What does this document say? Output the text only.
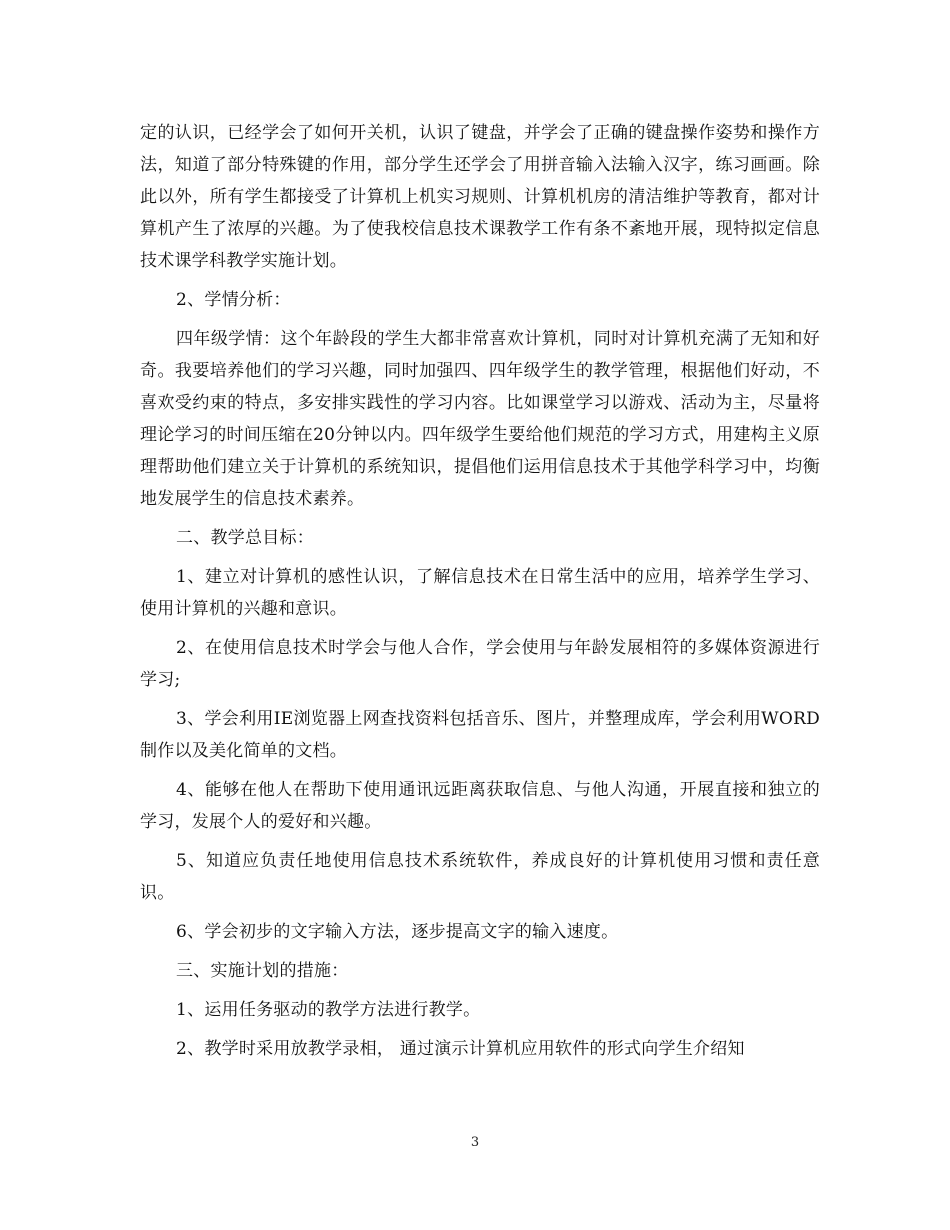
定的认识，已经学会了如何开关机，认识了键盘，并学会了正确的键盘操作姿势和操作方法，知道了部分特殊键的作用，部分学生还学会了用拼音输入法输入汉字，练习画画。除此以外，所有学生都接受了计算机上机实习规则、计算机机房的清洁维护等教育，都对计算机产生了浓厚的兴趣。为了使我校信息技术课教学工作有条不紊地开展，现特拟定信息技术课学科教学实施计划。

2、学情分析：

四年级学情：这个年龄段的学生大都非常喜欢计算机，同时对计算机充满了无知和好奇。我要培养他们的学习兴趣，同时加强四、四年级学生的教学管理，根据他们好动，不喜欢受约束的特点，多安排实践性的学习内容。比如课堂学习以游戏、活动为主，尽量将理论学习的时间压缩在20分钟以内。四年级学生要给他们规范的学习方式，用建构主义原理帮助他们建立关于计算机的系统知识，提倡他们运用信息技术于其他学科学习中，均衡地发展学生的信息技术素养。

二、教学总目标：

1、建立对计算机的感性认识，了解信息技术在日常生活中的应用，培养学生学习、使用计算机的兴趣和意识。

2、在使用信息技术时学会与他人合作，学会使用与年龄发展相符的多媒体资源进行学习;

3、学会利用IE浏览器上网查找资料包括音乐、图片，并整理成库，学会利用WORD制作以及美化简单的文档。

4、能够在他人在帮助下使用通讯远距离获取信息、与他人沟通，开展直接和独立的学习，发展个人的爱好和兴趣。

5、知道应负责任地使用信息技术系统软件，养成良好的计算机使用习惯和责任意识。

6、学会初步的文字输入方法，逐步提高文字的输入速度。

三、实施计划的措施：

1、运用任务驱动的教学方法进行教学。

2、教学时采用放教学录相， 通过演示计算机应用软件的形式向学生介绍知

3
